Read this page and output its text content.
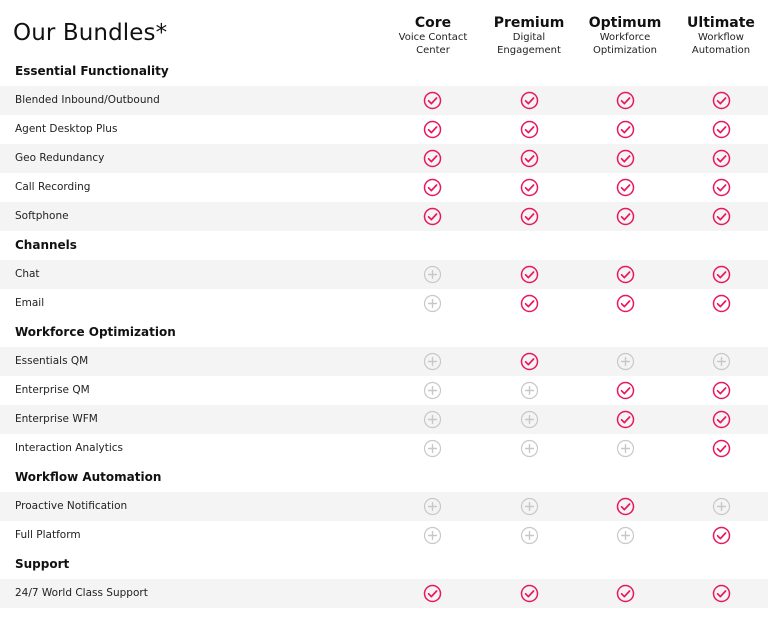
Our Bundles*	Core
Voice Contact
Center
Premium
Digital
Engagement
Optimum
Workforce
Optimization
Ultimate
Workflow
Automation
Essential Functionality
Blended Inbound/Outbound
Agent Desktop Plus
Geo Redundancy
Call Recording
Softphone
Channels
Chat
Email
Workforce Optimization
Essentials QM
Enterprise QM
Enterprise WFM
Interaction Analytics
Workflow Automation
Proactive Notification
Full Platform
Support
24/7 World Class Support
